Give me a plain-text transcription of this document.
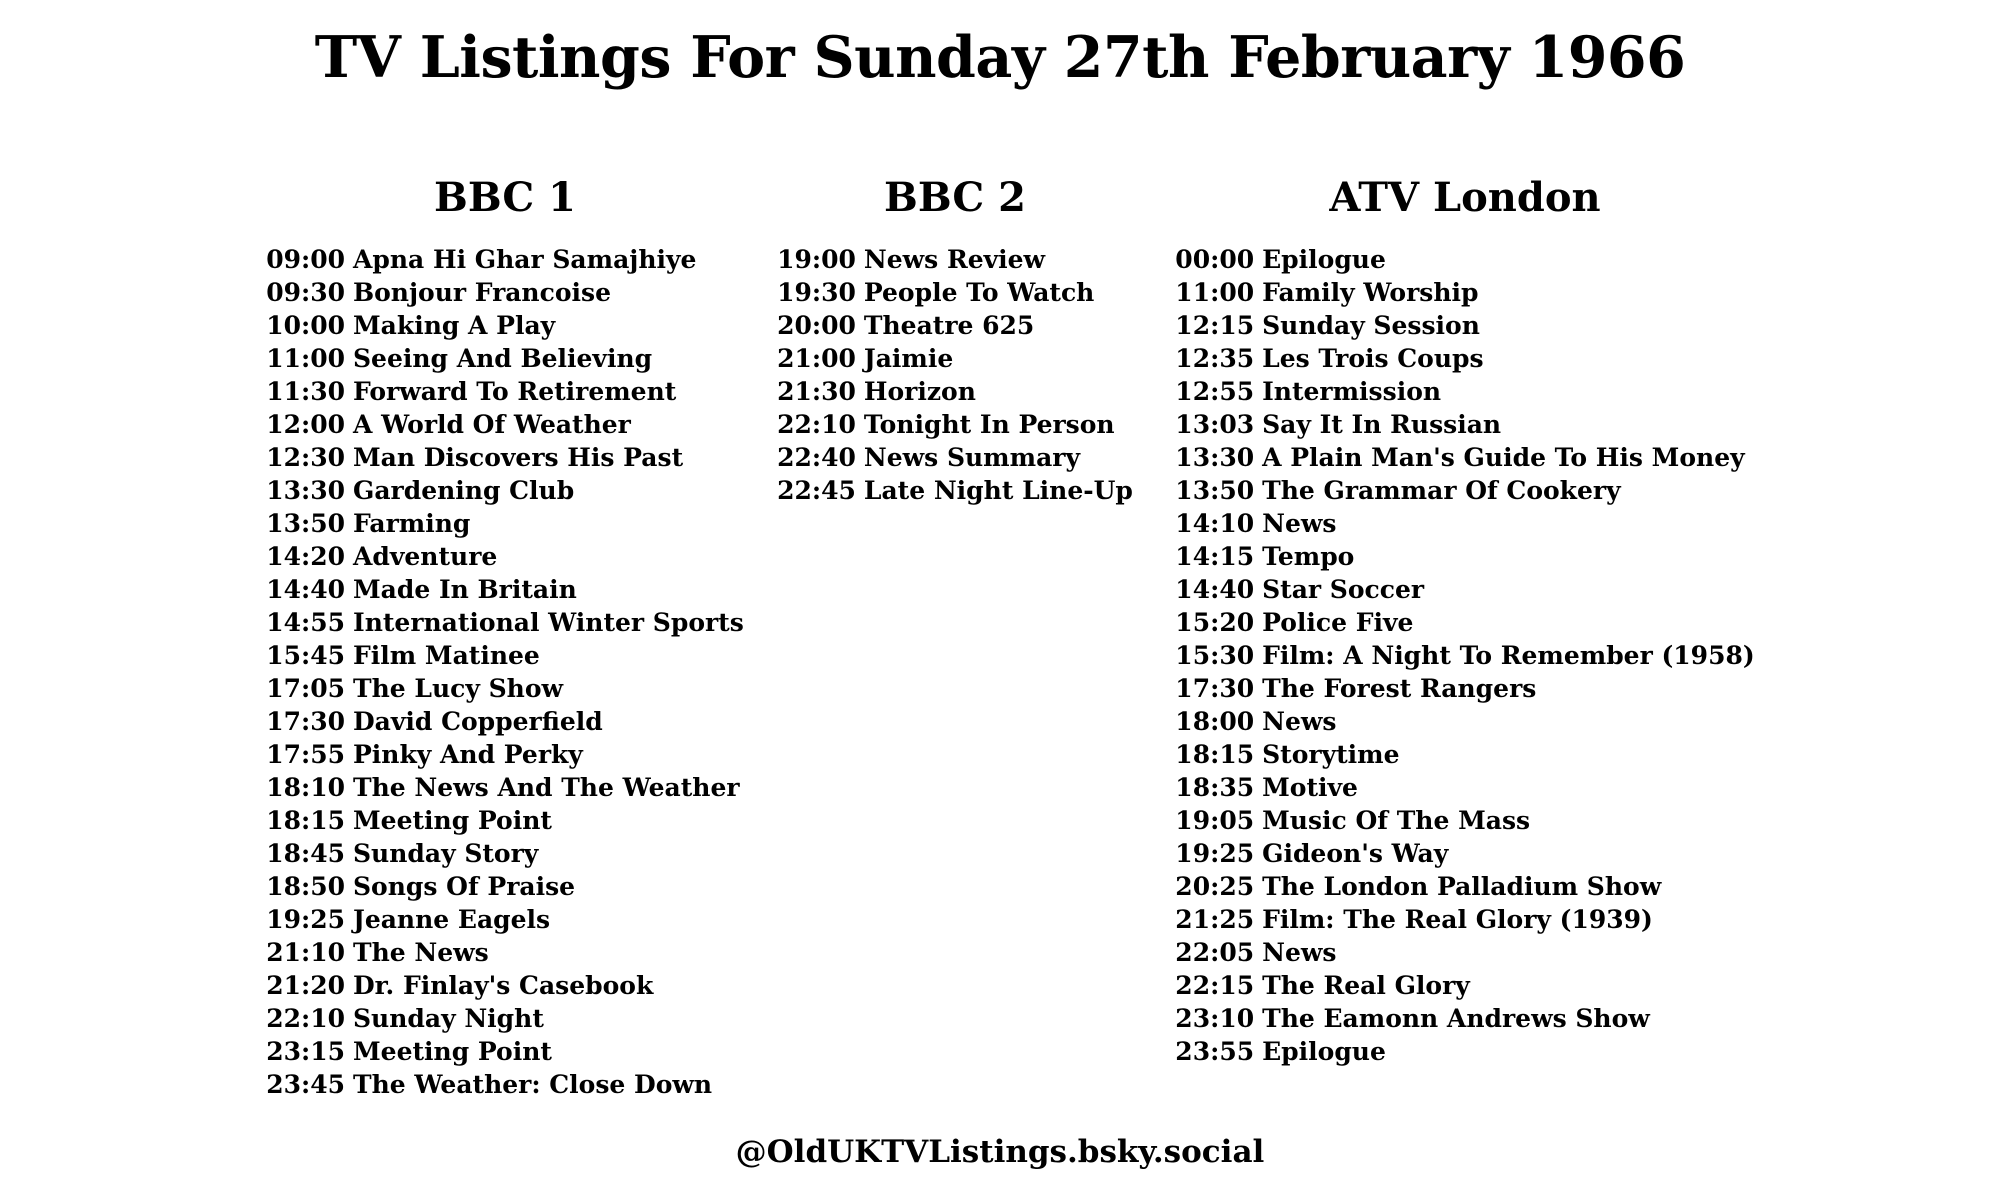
TV Listings For Sunday 27th February 1966
BBC 1
09:00 Apna Hi Ghar Samajhiye
09:30 Bonjour Francoise
10:00 Making A Play
11:00 Seeing And Believing
11:30 Forward To Retirement
12:00 A World Of Weather
12:30 Man Discovers His Past
13:30 Gardening Club
13:50 Farming
14:20 Adventure
14:40 Made In Britain
14:55 International Winter Sports
15:45 Film Matinee
17:05 The Lucy Show
17:30 David Copperfield
17:55 Pinky And Perky
18:10 The News And The Weather
18:15 Meeting Point
18:45 Sunday Story
18:50 Songs Of Praise
19:25 Jeanne Eagels
21:10 The News
21:20 Dr. Finlay's Casebook
22:10 Sunday Night
23:15 Meeting Point
23:45 The Weather: Close Down
BBC 2
19:00 News Review
19:30 People To Watch
20:00 Theatre 625
21:00 Jaimie
21:30 Horizon
22:10 Tonight In Person
22:40 News Summary
22:45 Late Night Line-Up
ATV London
00:00 Epilogue
11:00 Family Worship
12:15 Sunday Session
12:35 Les Trois Coups
12:55 Intermission
13:03 Say It In Russian
13:30 A Plain Man's Guide To His Money
13:50 The Grammar Of Cookery
14:10 News
14:15 Tempo
14:40 Star Soccer
15:20 Police Five
15:30 Film: A Night To Remember (1958)
17:30 The Forest Rangers
18:00 News
18:15 Storytime
18:35 Motive
19:05 Music Of The Mass
19:25 Gideon's Way
20:25 The London Palladium Show
21:25 Film: The Real Glory (1939)
22:05 News
22:15 The Real Glory
23:10 The Eamonn Andrews Show
23:55 Epilogue
@OldUKTVListings.bsky.social
